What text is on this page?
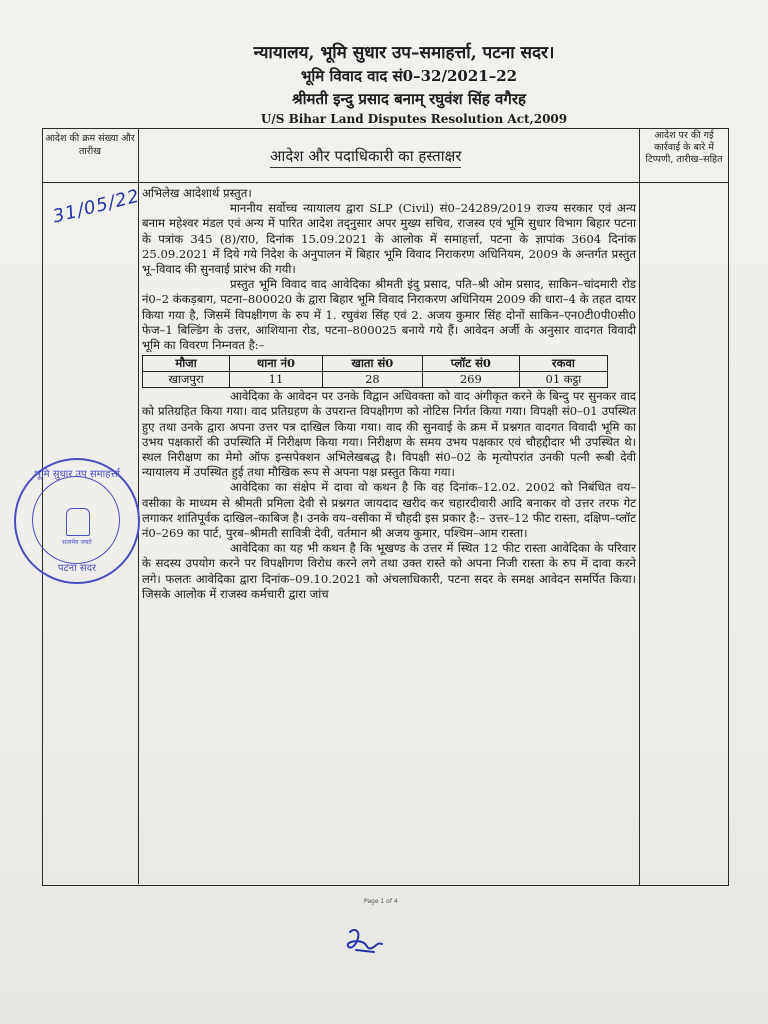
न्यायालय, भूमि सुधार उप–समाहर्त्ता, पटना सदर।
भूमि विवाद वाद सं0–32/2021–22
श्रीमती इन्दु प्रसाद बनाम् रघुवंश सिंह वगैरह
U/S Bihar Land Disputes Resolution Act,2009
आदेश की क्रम संख्या और तारीख	आदेश और पदाधिकारी का हस्ताक्षर
आदेश पर की गई कार्रवाई के बारे में टिप्पणी, तारीख–सहित
31/05/22 अभिलेख आदेशार्थ प्रस्तुत।

माननीय सर्वोच्च न्यायालय द्वारा SLP (Civil) सं0–24289/2019 राज्य सरकार एवं अन्य बनाम महेश्वर मंडल एवं अन्य में पारित आदेश तद्नुसार अपर मुख्य सचिव, राजस्व एवं भूमि सुधार विभाग बिहार पटना के पत्रांक 345 (8)/रा0, दिनांक 15.09.2021 के आलोक में समाहर्त्ता, पटना के ज्ञापांक 3604 दिनांक 25.09.2021 में दिये गये निदेश के अनुपालन में बिहार भूमि विवाद निराकरण अधिनियम, 2009 के अन्तर्गत प्रस्तुत भू–विवाद की सुनवाई प्रारंभ की गयी।

प्रस्तुत भूमि विवाद वाद आवेदिका श्रीमती इंदु प्रसाद, पति–श्री ओम प्रसाद, साकिन–चांदमारी रोड नं0–2 कंकड़बाग, पटना–800020 के द्वारा बिहार भूमि विवाद निराकरण अधिनियम 2009 की धारा–4 के तहत दायर किया गया है, जिसमें विपक्षीगण के रुप में 1. रघुवंश सिंह एवं 2. अजय कुमार सिंह दोनों साकिन–एन0टी0पी0सी0 फेज–1 बिल्डिंग के उत्तर, आशियाना रोड, पटना–800025 बनाये गये हैं। आवेदन अर्जी के अनुसार वादगत विवादी भूमि का विवरण निम्नवत है:–

मौजा	थाना नं0	खाता सं0	प्लॉट सं0	रकवा
खाजपुरा	11	28	269	01 कट्ठा

आवेदिका के आवेदन पर उनके विद्वान अधिवक्ता को वाद अंगीकृत करने के बिन्दु पर सुनकर वाद को प्रतिग्रहित किया गया। वाद प्रतिग्रहण के उपरान्त विपक्षीगण को नोटिस निर्गत किया गया। विपक्षी सं0–01 उपस्थित हुए तथा उनके द्वारा अपना उत्तर पत्र दाखिल किया गया। वाद की सुनवाई के क्रम में प्रश्नगत वादगत विवादी भूमि का उभय पक्षकारों की उपस्थिति में निरीक्षण किया गया। निरीक्षण के समय उभय पक्षकार एवं चौहद्दीदार भी उपस्थित थे। स्थल निरीक्षण का मेमो ऑफ इन्सपेक्शन अभिलेखबद्ध है। विपक्षी सं0–02 के मृत्योपरांत उनकी पत्नी रूबी देवी न्यायालय में उपस्थित हुई तथा मौखिक रूप से अपना पक्ष प्रस्तुत किया गया।

आवेदिका का संक्षेप में दावा वो कथन है कि वह दिनांक–12.02. 2002 को निबंधित वय–वसीका के माध्यम से श्रीमती प्रमिला देवी से प्रश्नगत जायदाद खरीद कर चहारदीवारी आदि बनाकर वो उत्तर तरफ गेट लगाकर शांतिपूर्वक दाखिल–काबिज है। उनके वय–वसीका में चौहदी इस प्रकार है:– उत्तर–12 फीट रास्ता, दक्षिण–प्लॉट नं0–269 का पार्ट, पुरब–श्रीमती सावित्री देवी, वर्तमान श्री अजय कुमार, पश्चिम–आम रास्ता।

आवेदिका का यह भी कथन है कि भूखण्ड के उत्तर में स्थित 12 फीट रास्ता आवेदिका के परिवार के सदस्य उपयोग करने पर विपक्षीगण विरोध करने लगे तथा उक्त रास्ते को अपना निजी रास्ता के रुप में दावा करने लगे। फलतः आवेदिका द्वारा दिनांक–09.10.2021 को अंचलाधिकारी, पटना सदर के समक्ष आवेदन समर्पित किया। जिसके आलोक में राजस्व कर्मचारी द्वारा जांच

भूमि सुधार उप समाहर्त्ता
सत्यमेव जयते
पटना सदर
Page 1 of 4
